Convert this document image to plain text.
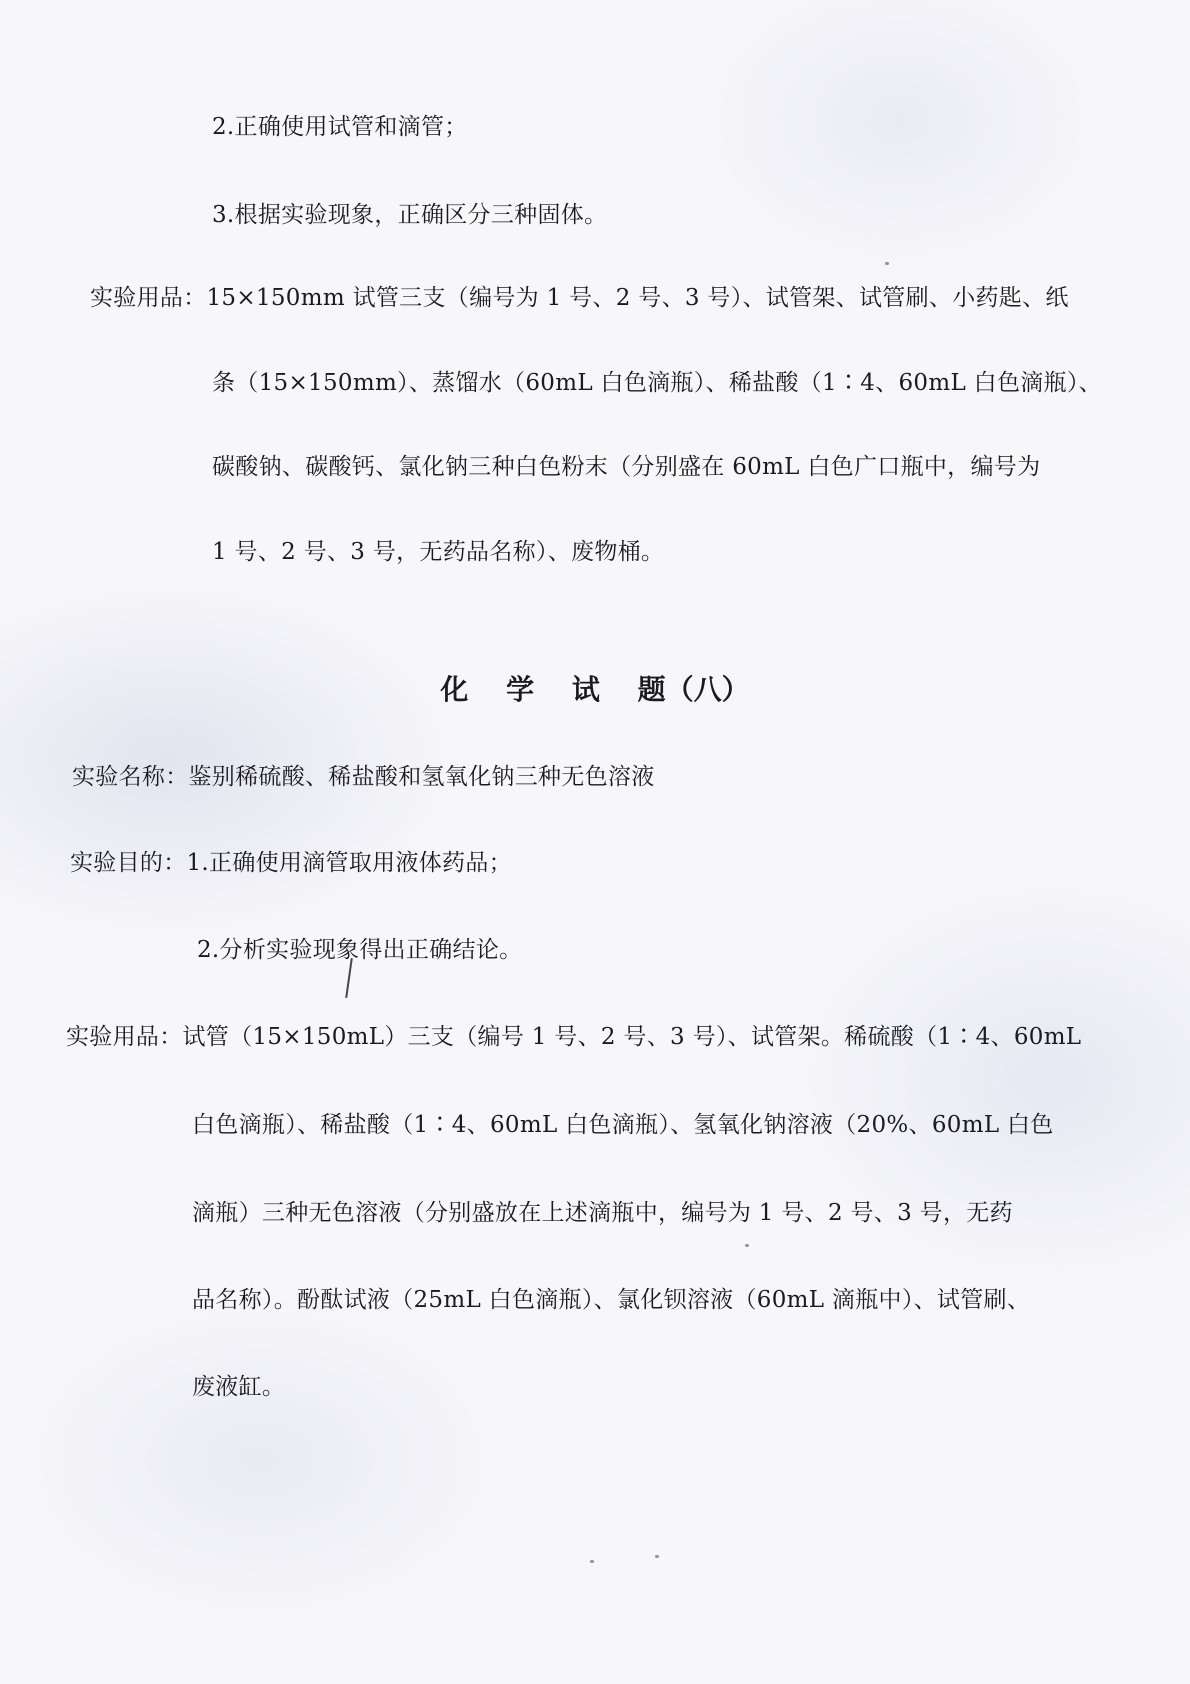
2.正确使用试管和滴管；
3.根据实验现象，正确区分三种固体。
实验用品：15×150mm 试管三支（编号为 1 号、2 号、3 号）、试管架、试管刷、小药匙、纸
条（15×150mm）、蒸馏水（60mL 白色滴瓶）、稀盐酸（1∶4、60mL 白色滴瓶）、
碳酸钠、碳酸钙、氯化钠三种白色粉末（分别盛在 60mL 白色广口瓶中，编号为
1 号、2 号、3 号，无药品名称）、废物桶。
化 学 试 题（八）
实验名称：鉴别稀硫酸、稀盐酸和氢氧化钠三种无色溶液
实验目的：1.正确使用滴管取用液体药品；
2.分析实验现象得出正确结论。
实验用品：试管（15×150mL）三支（编号 1 号、2 号、3 号）、试管架。稀硫酸（1∶4、60mL
白色滴瓶）、稀盐酸（1∶4、60mL 白色滴瓶）、氢氧化钠溶液（20%、60mL 白色
滴瓶）三种无色溶液（分别盛放在上述滴瓶中，编号为 1 号、2 号、3 号，无药
品名称）。酚酞试液（25mL 白色滴瓶）、氯化钡溶液（60mL 滴瓶中）、试管刷、
废液缸。
